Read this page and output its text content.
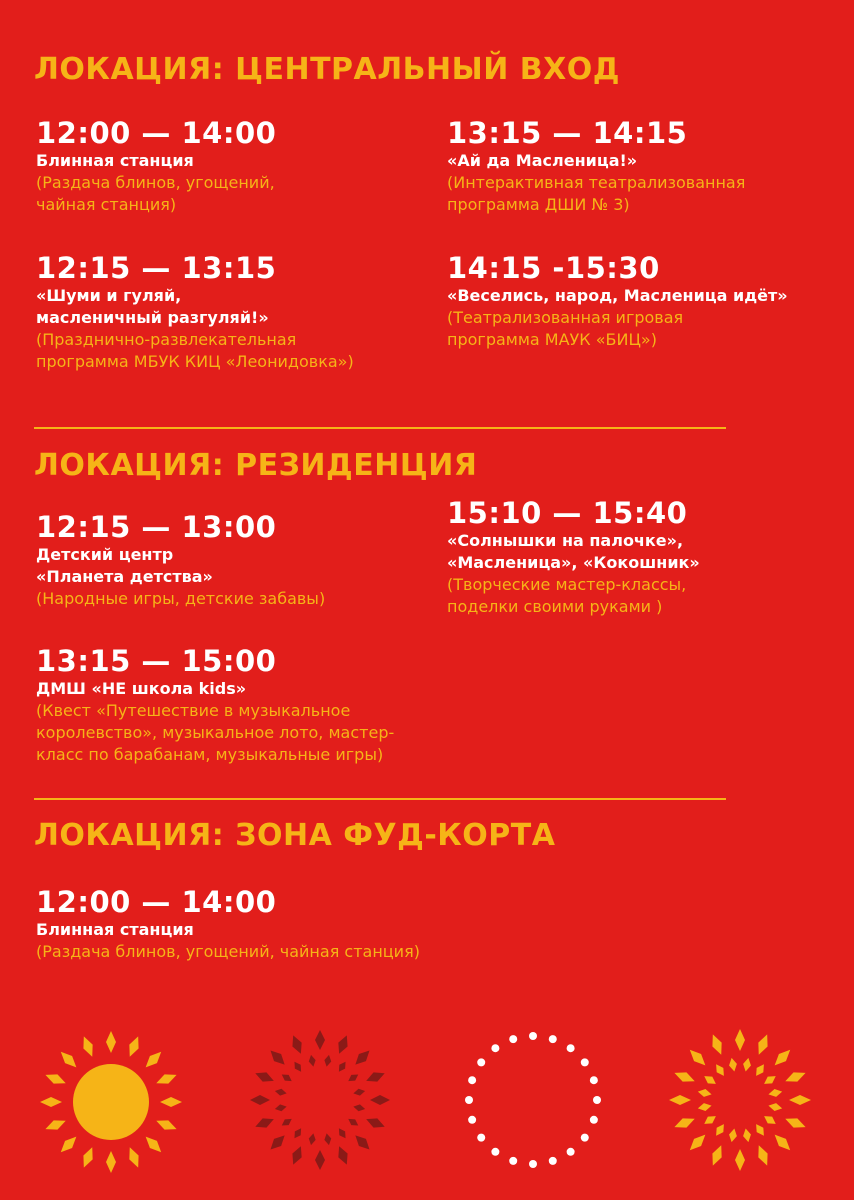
ЛОКАЦИЯ: ЦЕНТРАЛЬНЫЙ ВХОД
12:00 — 14:00
Блинная станция
(Раздача блинов, угощений,
чайная станция)
13:15 — 14:15
«Ай да Масленица!»
(Интерактивная театрализованная
программа ДШИ № 3)
12:15 — 13:15
«Шуми и гуляй,
масленичный разгуляй!»
(Празднично-развлекательная
программа МБУК КИЦ «Леонидовка»)
14:15 -15:30
«Веселись, народ, Масленица идёт»
(Театрализованная игровая
программа МАУК «БИЦ»)
ЛОКАЦИЯ: РЕЗИДЕНЦИЯ
12:15 — 13:00
Детский центр
«Планета детства»
(Народные игры, детские забавы)
15:10 — 15:40
«Солнышки на палочке»,
«Масленица», «Кокошник»
(Творческие мастер-классы,
поделки своими руками )
13:15 — 15:00
ДМШ «НЕ школа kids»
(Квест «Путешествие в музыкальное
королевство», музыкальное лото, мастер-
класс по барабанам, музыкальные игры)
ЛОКАЦИЯ: ЗОНА ФУД-КОРТА
12:00 — 14:00
Блинная станция
(Раздача блинов, угощений, чайная станция)
